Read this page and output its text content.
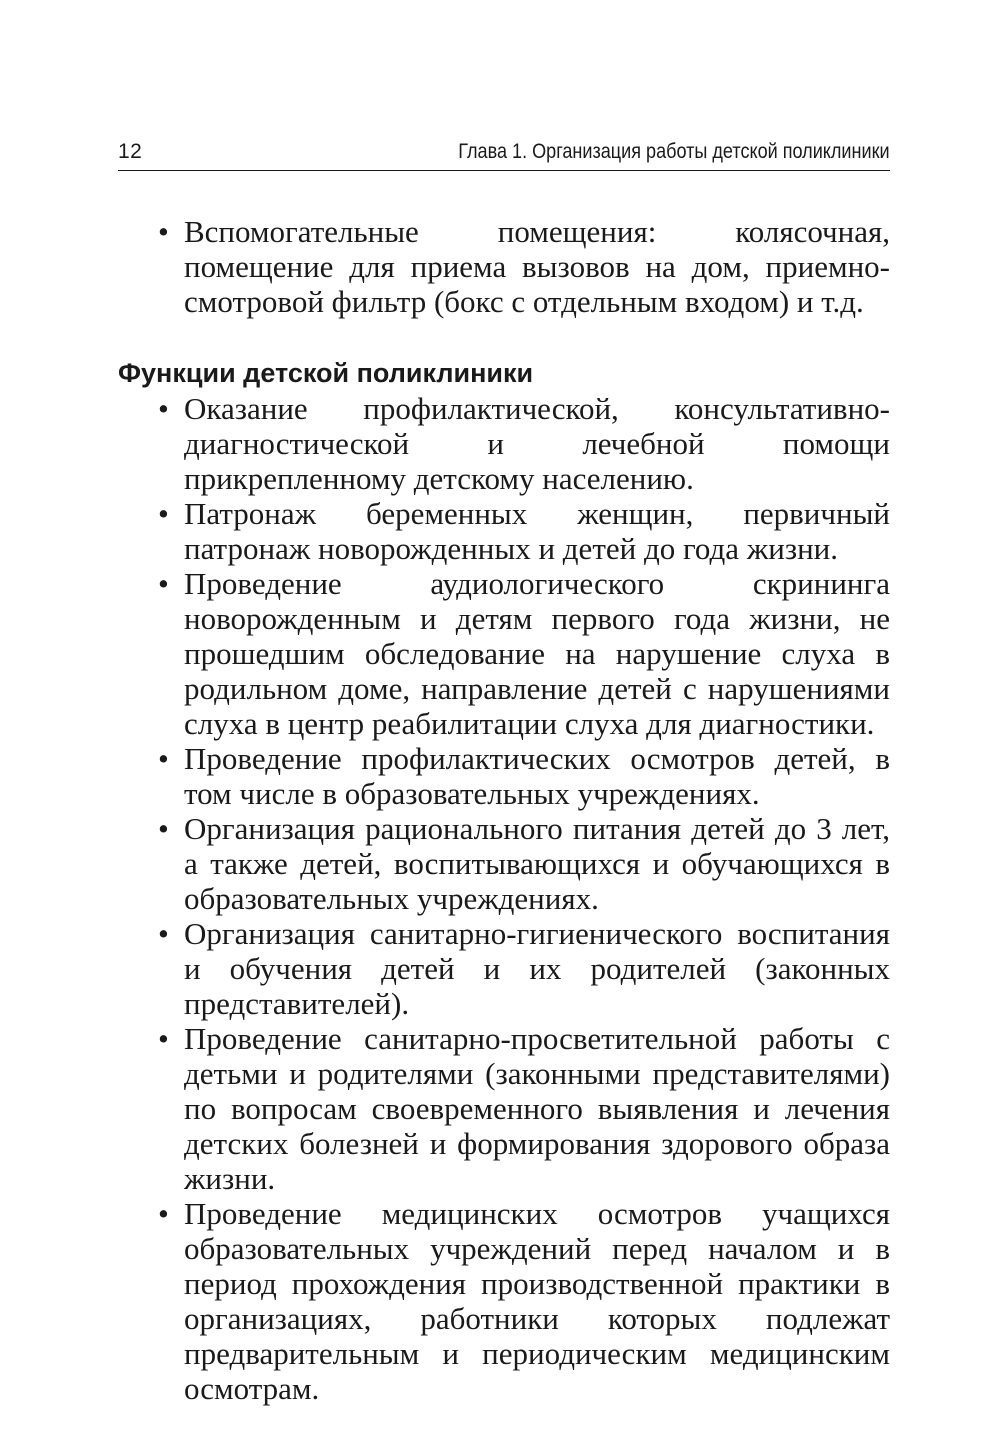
12	Глава 1. Организация работы детской поликлиники
• Вспомогательные помещения: колясочная, помещение для приема вызовов на дом, приемно-смотровой фильтр (бокс с отдельным входом) и т.д.
Функции детской поликлиники
• Оказание профилактической, консультативно-диагностической и лечебной помощи прикрепленному детскому населению.
• Патронаж беременных женщин, первичный патронаж новорожденных и детей до года жизни.
• Проведение аудиологического скрининга новорожденным и детям первого года жизни, не прошедшим обследование на нарушение слуха в родильном доме, направление детей с нарушениями слуха в центр реабилитации слуха для диагностики.
• Проведение профилактических осмотров детей, в том числе в образовательных учреждениях.
• Организация рационального питания детей до 3 лет, а также детей, воспитывающихся и обучающихся в образовательных учреждениях.
• Организация санитарно-гигиенического воспитания и обучения детей и их родителей (законных представителей).
• Проведение санитарно-просветительной работы с детьми и родителями (законными представителями) по вопросам своевременного выявления и лечения детских болезней и формирования здорового образа жизни.
• Проведение медицинских осмотров учащихся образовательных учреждений перед началом и в период прохождения производственной практики в организациях, работники которых подлежат предварительным и периодическим медицинским осмотрам.
